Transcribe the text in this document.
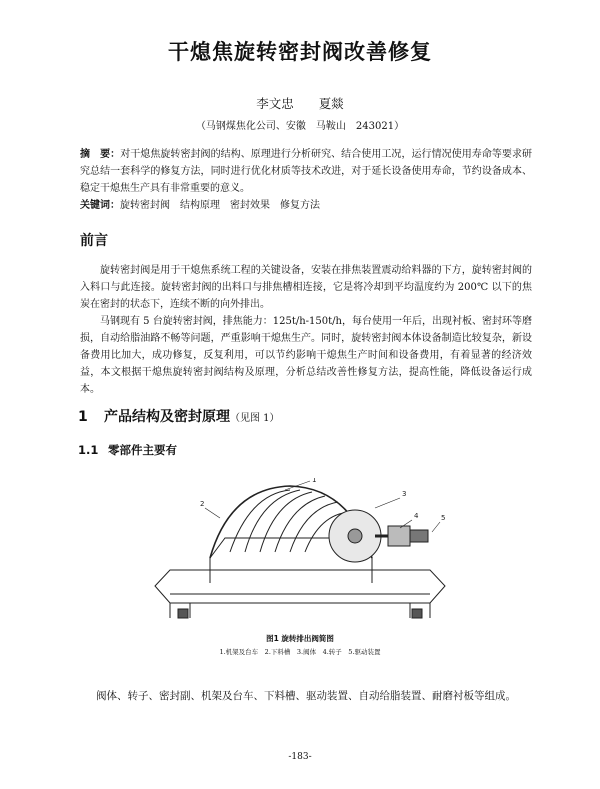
干熄焦旋转密封阀改善修复
李文忠　　夏燚
（马钢煤焦化公司、安徽　马鞍山　243021）

摘　要：对干熄焦旋转密封阀的结构、原理进行分析研究、结合使用工况，运行情况使用寿命等要求研究总结一套科学的修复方法，同时进行优化材质等技术改进，对于延长设备使用寿命，节约设备成本、稳定干熄焦生产具有非常重要的意义。

关键词：旋转密封阀　结构原理　密封效果　修复方法

前言

旋转密封阀是用于干熄焦系统工程的关键设备，安装在排焦装置震动给料器的下方，旋转密封阀的入料口与此连接。旋转密封阀的出料口与排焦槽相连接，它是将冷却到平均温度约为 200℃ 以下的焦炭在密封的状态下，连续不断的向外排出。

马钢现有 5 台旋转密封阀，排焦能力：125t/h-150t/h，每台使用一年后，出现衬板、密封环等磨损，自动给脂油路不畅等问题，严重影响干熄焦生产。同时，旋转密封阀本体设备制造比较复杂，新设备费用比加大，成功修复，反复利用，可以节约影响干熄焦生产时间和设备费用，有着显著的经济效益，本文根据干熄焦旋转密封阀结构及原理，分析总结改善性修复方法，提高性能，降低设备运行成本。

1 产品结构及密封原理（见图 1）
1.1 零部件主要有
2
1
3
4	5
图1 旋转排出阀简图
1.机架及台车　2.下料槽　3.阀体　4.转子　5.驱动装置
阀体、转子、密封副、机架及台车、下料槽、驱动装置、自动给脂装置、耐磨衬板等组成。
-183-
